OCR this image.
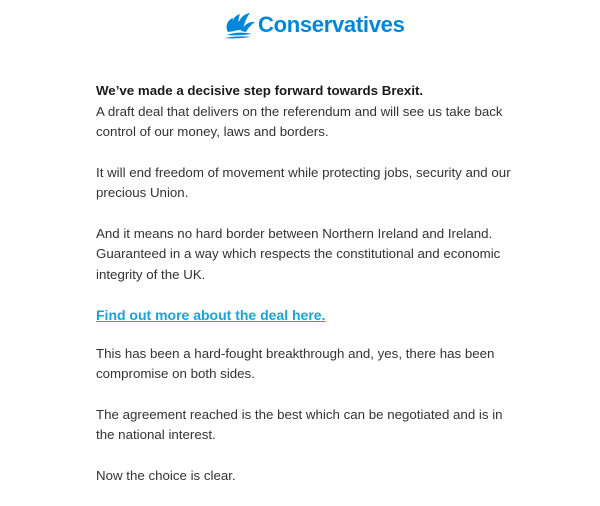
Conservatives

We’ve made a decisive step forward towards Brexit.

A draft deal that delivers on the referendum and will see us take back control of our money, laws and borders.

It will end freedom of movement while protecting jobs, security and our precious Union.

And it means no hard border between Northern Ireland and Ireland. Guaranteed in a way which respects the constitutional and economic integrity of the UK.

Find out more about the deal here.

This has been a hard-fought breakthrough and, yes, there has been compromise on both sides.

The agreement reached is the best which can be negotiated and is in the national interest.

Now the choice is clear.
